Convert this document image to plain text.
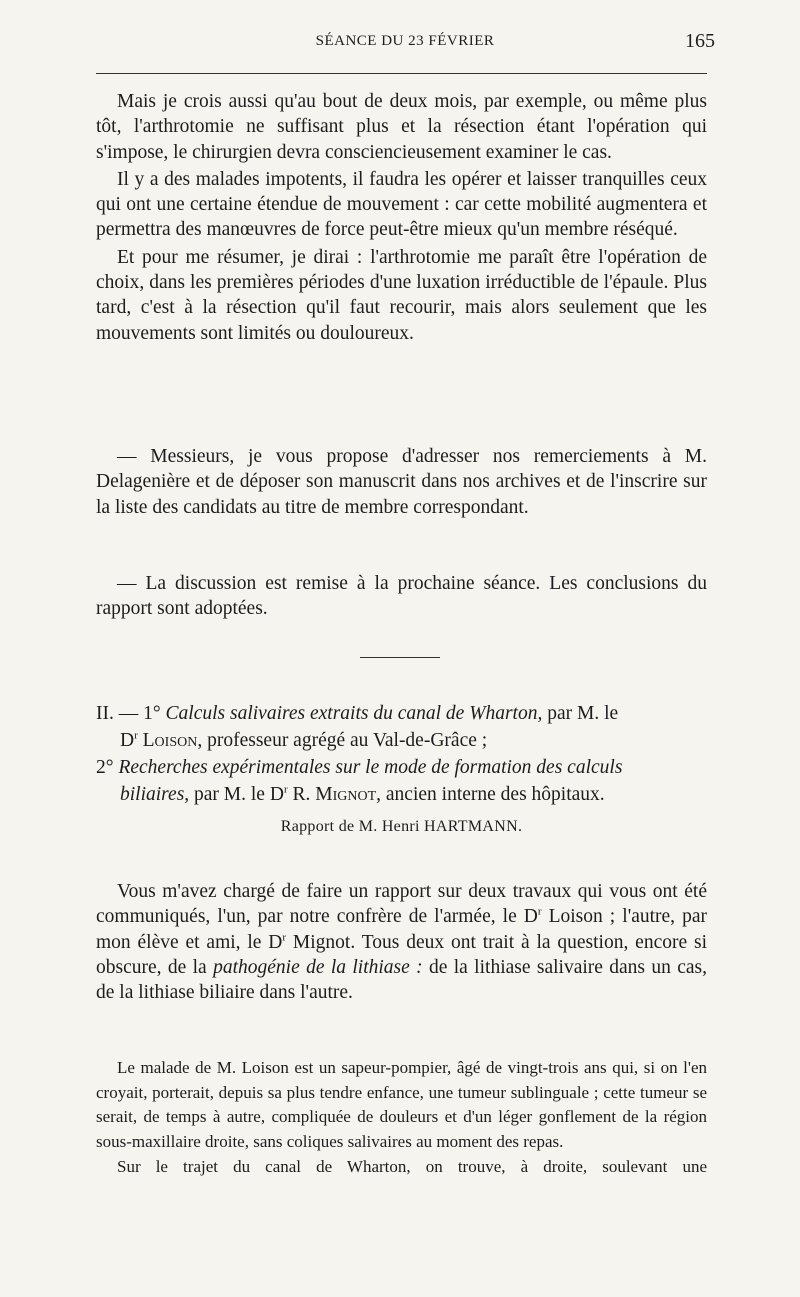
SÉANCE DU 23 FÉVRIER	165

Mais je crois aussi qu'au bout de deux mois, par exemple, ou même plus tôt, l'arthrotomie ne suffisant plus et la résection étant l'opération qui s'impose, le chirurgien devra consciencieusement examiner le cas.

Il y a des malades impotents, il faudra les opérer et laisser tranquilles ceux qui ont une certaine étendue de mouvement : car cette mobilité augmentera et permettra des manœuvres de force peut-être mieux qu'un membre réséqué.

Et pour me résumer, je dirai : l'arthrotomie me paraît être l'opération de choix, dans les premières périodes d'une luxation irréductible de l'épaule. Plus tard, c'est à la résection qu'il faut recourir, mais alors seulement que les mouvements sont limités ou douloureux.

— Messieurs, je vous propose d'adresser nos remerciements à M. Delagenière et de déposer son manuscrit dans nos archives et de l'inscrire sur la liste des candidats au titre de membre correspondant.

— La discussion est remise à la prochaine séance. Les conclusions du rapport sont adoptées.

II. — 1° Calculs salivaires extraits du canal de Wharton, par M. le

$D^r$ Loison, professeur agrégé au Val-de-Grâce ;

2° Recherches expérimentales sur le mode de formation des calculs

biliaires, par M. le $D^r$ R. Mignot, ancien interne des hôpitaux.

Rapport de M. Henri HARTMANN.

Vous m'avez chargé de faire un rapport sur deux travaux qui vous ont été communiqués, l'un, par notre confrère de l'armée, le $D^r$ Loison ; l'autre, par mon élève et ami, le $D^r$ Mignot. Tous deux ont trait à la question, encore si obscure, de la pathogénie de la lithiase : de la lithiase salivaire dans un cas, de la lithiase biliaire dans l'autre.

Le malade de M. Loison est un sapeur-pompier, âgé de vingt-trois ans qui, si on l'en croyait, porterait, depuis sa plus tendre enfance, une tumeur sublinguale ; cette tumeur se serait, de temps à autre, compliquée de douleurs et d'un léger gonflement de la région sous-maxillaire droite, sans coliques salivaires au moment des repas.

Sur le trajet du canal de Wharton, on trouve, à droite, soulevant une
